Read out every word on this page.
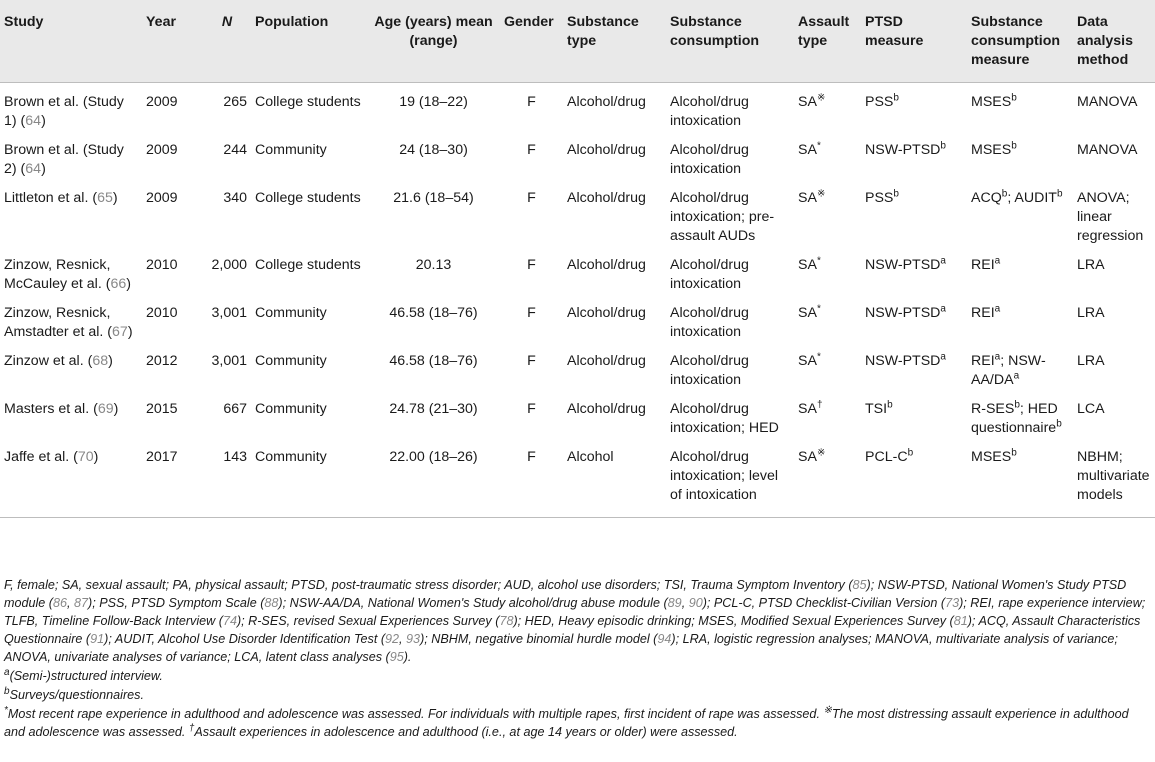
Study	Year	N	Population	Age (years) mean (range)	Gender	Substance type	Substance consumption	Assault type	PTSD measure	Substance consumption measure	Data analysis method
Brown et al. (Study 1) (64)	2009	265	College students	19 (18–22)	F	Alcohol/drug	Alcohol/drug intoxication	SA※	PSS$^b$	MSES$^b$	MANOVA
Brown et al. (Study 2) (64)	2009	244	Community	24 (18–30)	F	Alcohol/drug	Alcohol/drug intoxication	SA*	NSW-PTSD$^b$	MSES$^b$	MANOVA
Littleton et al. (65)	2009	340	College students	21.6 (18–54)	F	Alcohol/drug	Alcohol/drug intoxication; pre-assault AUDs	SA※	PSS$^b$	ACQ$^b$; AUDIT$^b$	ANOVA; linear regression
Zinzow, Resnick, McCauley et al. (66)	2010	2,000	College students	20.13	F	Alcohol/drug	Alcohol/drug intoxication	SA*	NSW-PTSD$^a$	REI$^a$	LRA
Zinzow, Resnick, Amstadter et al. (67)	2010	3,001	Community	46.58 (18–76)	F	Alcohol/drug	Alcohol/drug intoxication	SA*	NSW-PTSD$^a$	REI$^a$	LRA
Zinzow et al. (68)	2012	3,001	Community	46.58 (18–76)	F	Alcohol/drug	Alcohol/drug intoxication	SA*	NSW-PTSD$^a$	REI$^a$; NSW-$AA/DA^a$	LRA
Masters et al. (69)	2015	667	Community	24.78 (21–30)	F	Alcohol/drug	Alcohol/drug intoxication; HED	SA†	TSI$^b$	R-SES$^b$; HED questionnaire$^b$	LCA
Jaffe et al. (70)	2017	143	Community	22.00 (18–26)	F	Alcohol	Alcohol/drug intoxication; level of intoxication	SA※	PCL-$C^b$	MSES$^b$	NBHM; multivariate models

F, female; SA, sexual assault; PA, physical assault; PTSD, post-traumatic stress disorder; AUD, alcohol use disorders; TSI, Trauma Symptom Inventory (85); NSW-PTSD, National Women's Study PTSD module (86, 87); PSS, PTSD Symptom Scale (88); NSW-AA/DA, National Women's Study alcohol/drug abuse module (89, 90); PCL-C, PTSD Checklist-Civilian Version (73); REI, rape experience interview; TLFB, Timeline Follow-Back Interview (74); R-SES, revised Sexual Experiences Survey (78); HED, Heavy episodic drinking; MSES, Modified Sexual Experiences Survey (81); ACQ, Assault Characteristics Questionnaire (91); AUDIT, Alcohol Use Disorder Identification Test (92, 93); NBHM, negative binomial hurdle model (94); LRA, logistic regression analyses; MANOVA, multivariate analysis of variance; ANOVA, univariate analyses of variance; LCA, latent class analyses (95).

$^a$(Semi-)structured interview.

$^b$Surveys/questionnaires.

*Most recent rape experience in adulthood and adolescence was assessed. For individuals with multiple rapes, first incident of rape was assessed. ※The most distressing assault experience in adulthood and adolescence was assessed. †Assault experiences in adolescence and adulthood (i.e., at age 14 years or older) were assessed.
